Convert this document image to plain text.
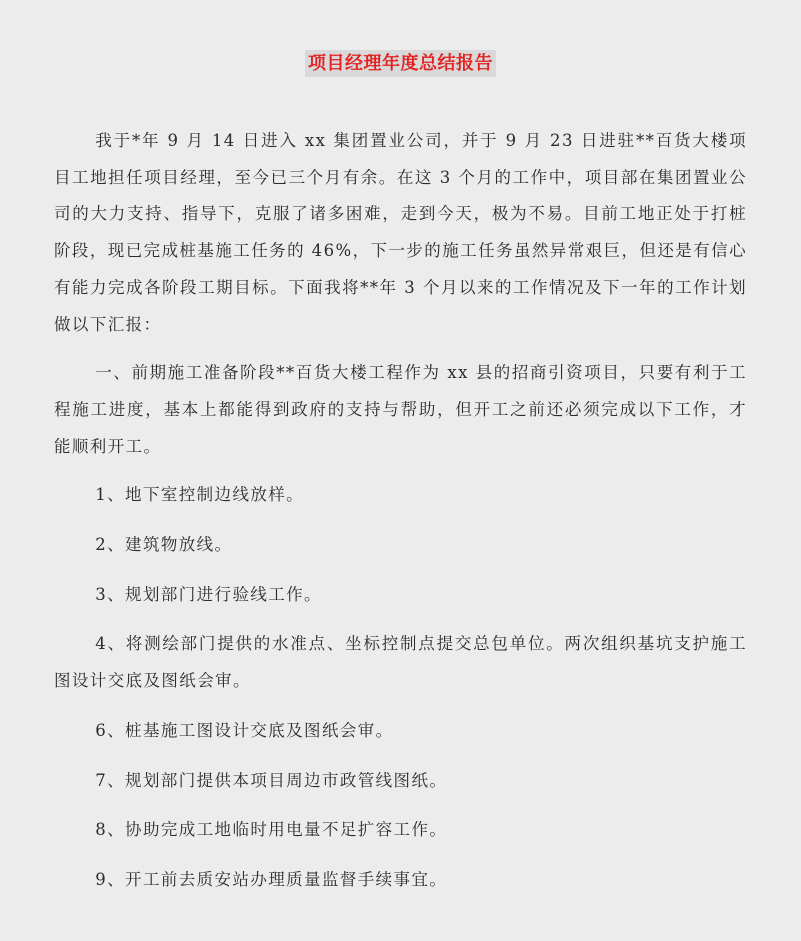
项目经理年度总结报告

我于*年 9 月 14 日进入 xx 集团置业公司，并于 9 月 23 日进驻**百货大楼项目工地担任项目经理，至今已三个月有余。在这 3 个月的工作中，项目部在集团置业公司的大力支持、指导下，克服了诸多困难，走到今天，极为不易。目前工地正处于打桩阶段，现已完成桩基施工任务的 46%，下一步的施工任务虽然异常艰巨，但还是有信心有能力完成各阶段工期目标。下面我将**年 3 个月以来的工作情况及下一年的工作计划做以下汇报：

一、前期施工准备阶段**百货大楼工程作为 xx 县的招商引资项目，只要有利于工程施工进度，基本上都能得到政府的支持与帮助，但开工之前还必须完成以下工作，才能顺利开工。

1、地下室控制边线放样。

2、建筑物放线。

3、规划部门进行验线工作。

4、将测绘部门提供的水准点、坐标控制点提交总包单位。两次组织基坑支护施工图设计交底及图纸会审。

6、桩基施工图设计交底及图纸会审。

7、规划部门提供本项目周边市政管线图纸。

8、协助完成工地临时用电量不足扩容工作。

9、开工前去质安站办理质量监督手续事宜。
